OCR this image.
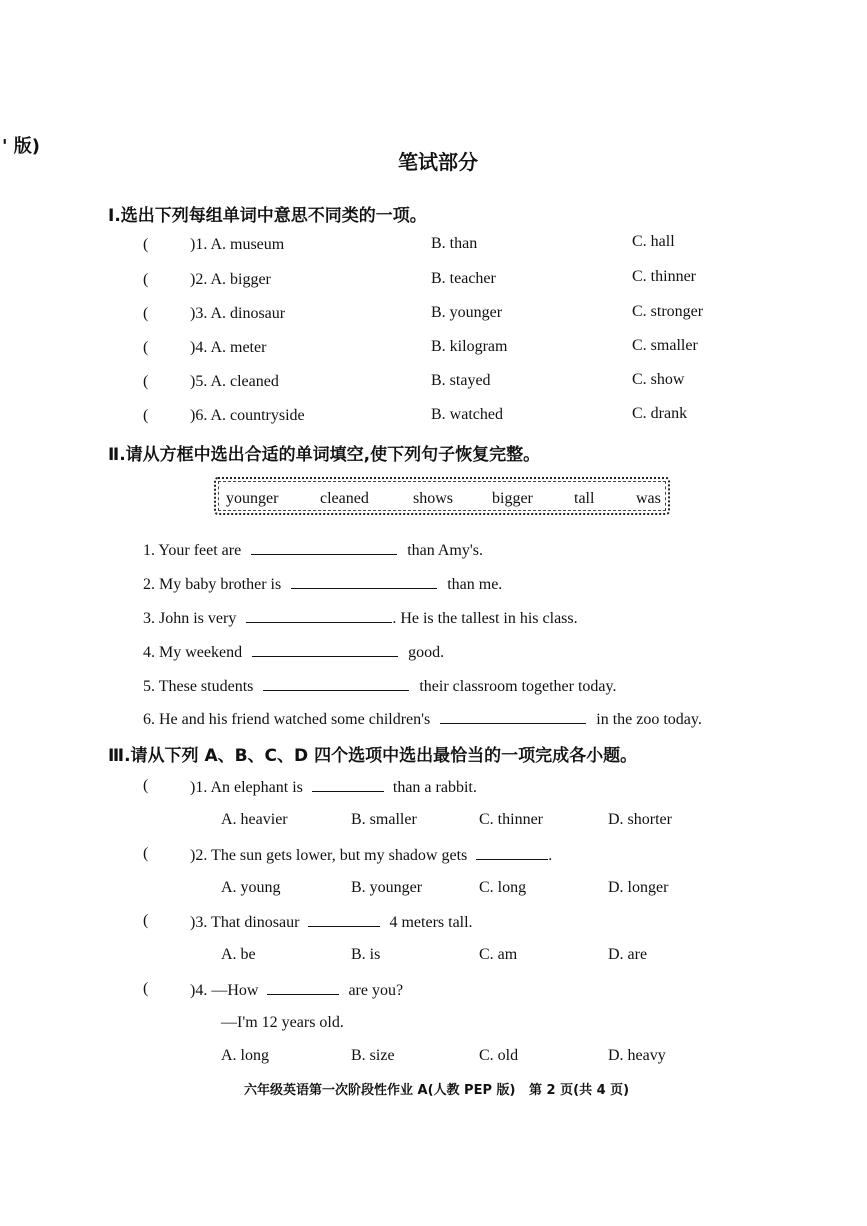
' 版)
笔试部分
Ⅰ.选出下列每组单词中意思不同类的一项。
(	)1. A. museum	B. than	C. hall
(	)2. A. bigger	B. teacher	C. thinner
(	)3. A. dinosaur	B. younger	C. stronger
(	)4. A. meter	B. kilogram	C. smaller
(	)5. A. cleaned	B. stayed	C. show
(	)6. A. countryside	B. watched	C. drank
Ⅱ.请从方框中选出合适的单词填空,使下列句子恢复完整。
younger	cleaned	shows bigger	tall	was
1. Your feet are	than Amy's.
2. My baby brother is	than me.
3. John is very	. He is the tallest in his class.
4. My weekend	good.
5. These students	their classroom together today.
6. He and his friend watched some children's	in the zoo today.
Ⅲ.请从下列 A、B、C、D 四个选项中选出最恰当的一项完成各小题。
(	)1. An elephant is	than a rabbit.
A. heavier	B. smaller	C. thinner	D. shorter
(	)2. The sun gets lower, but my shadow gets	.
A. young	B. younger	C. long	D. longer
(	)3. That dinosaur	4 meters tall.
A. be	B. is	C. am	D. are
(	)4. —How	are you?
—I'm 12 years old.
A. long	B. size	C. old	D. heavy
六年级英语第一次阶段性作业 A(人教 PEP 版)   第 2 页(共 4 页)
